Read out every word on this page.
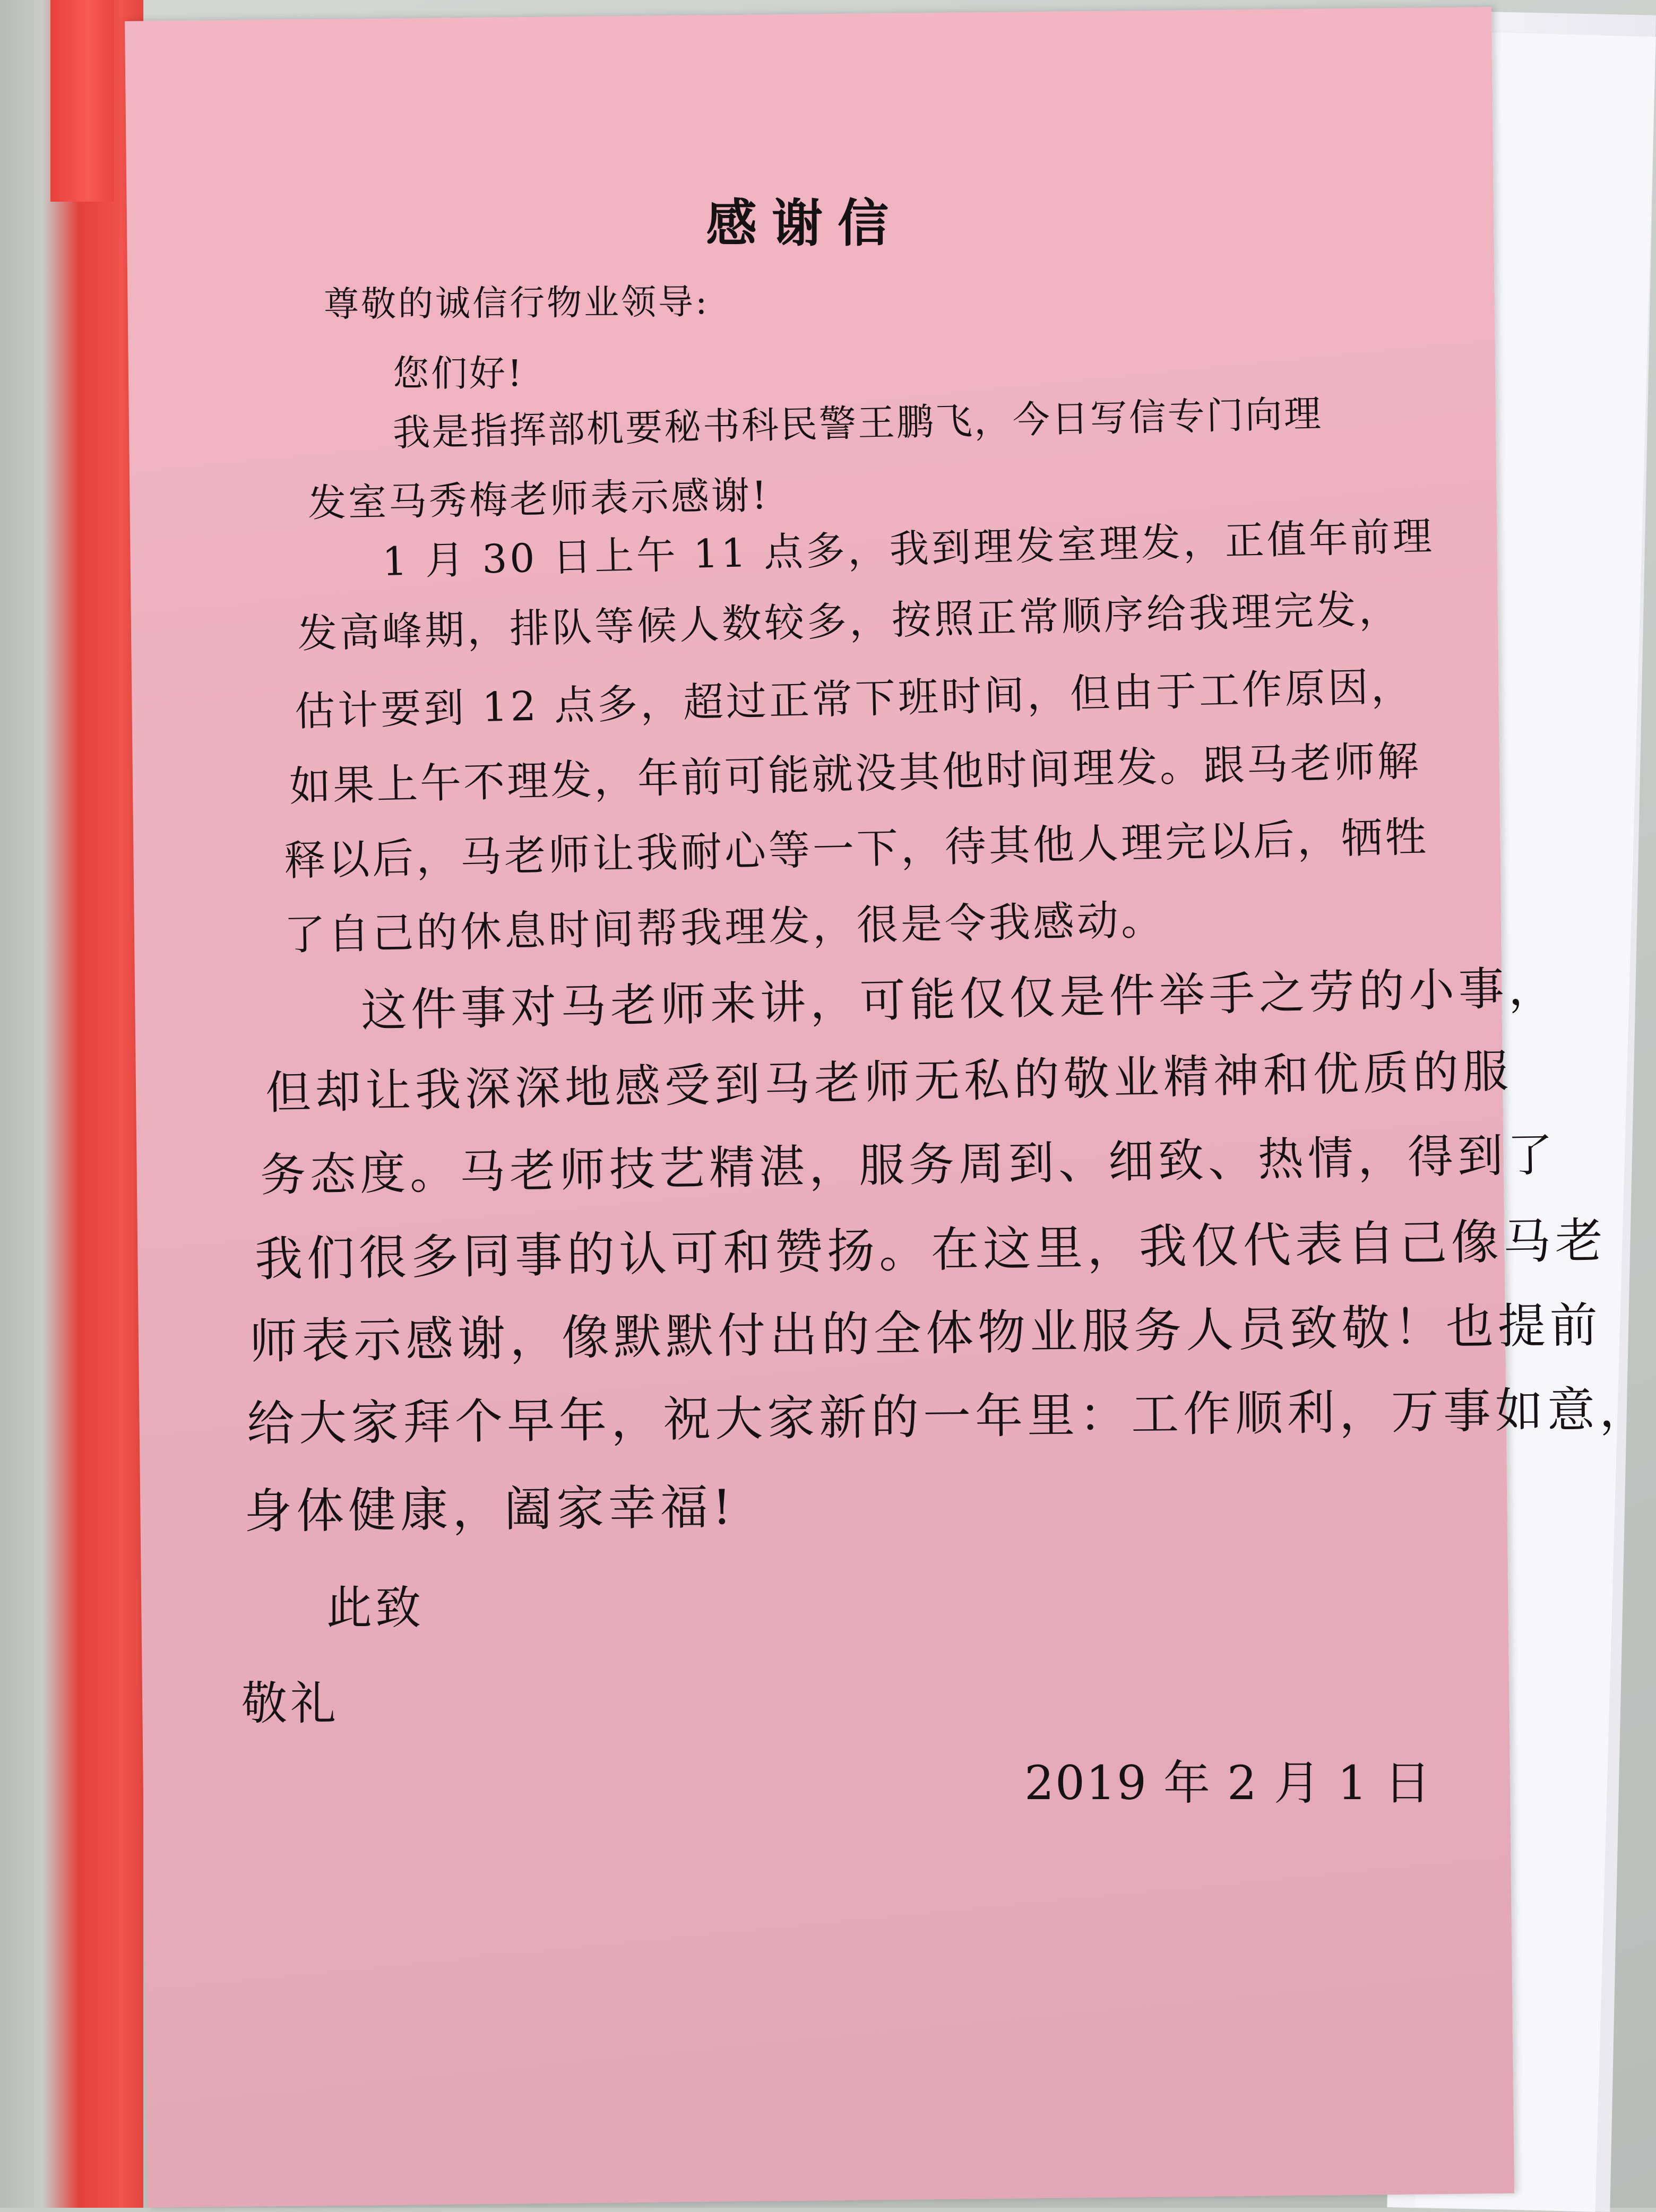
感谢信
尊敬的诚信行物业领导:
您们好!
我是指挥部机要秘书科民警王鹏飞，今日写信专门向理
发室马秀梅老师表示感谢!
1 月 30 日上午 11 点多，我到理发室理发，正值年前理
发高峰期，排队等候人数较多，按照正常顺序给我理完发，
估计要到 12 点多，超过正常下班时间，但由于工作原因，
如果上午不理发，年前可能就没其他时间理发。跟马老师解
释以后，马老师让我耐心等一下，待其他人理完以后，牺牲
了自己的休息时间帮我理发，很是令我感动。
这件事对马老师来讲，可能仅仅是件举手之劳的小事，
但却让我深深地感受到马老师无私的敬业精神和优质的服
务态度。马老师技艺精湛，服务周到、细致、热情，得到了
我们很多同事的认可和赞扬。在这里，我仅代表自己像马老
师表示感谢，像默默付出的全体物业服务人员致敬！也提前
给大家拜个早年，祝大家新的一年里：工作顺利，万事如意，
身体健康，阖家幸福!
此致
敬礼
2019 年 2 月 1 日
